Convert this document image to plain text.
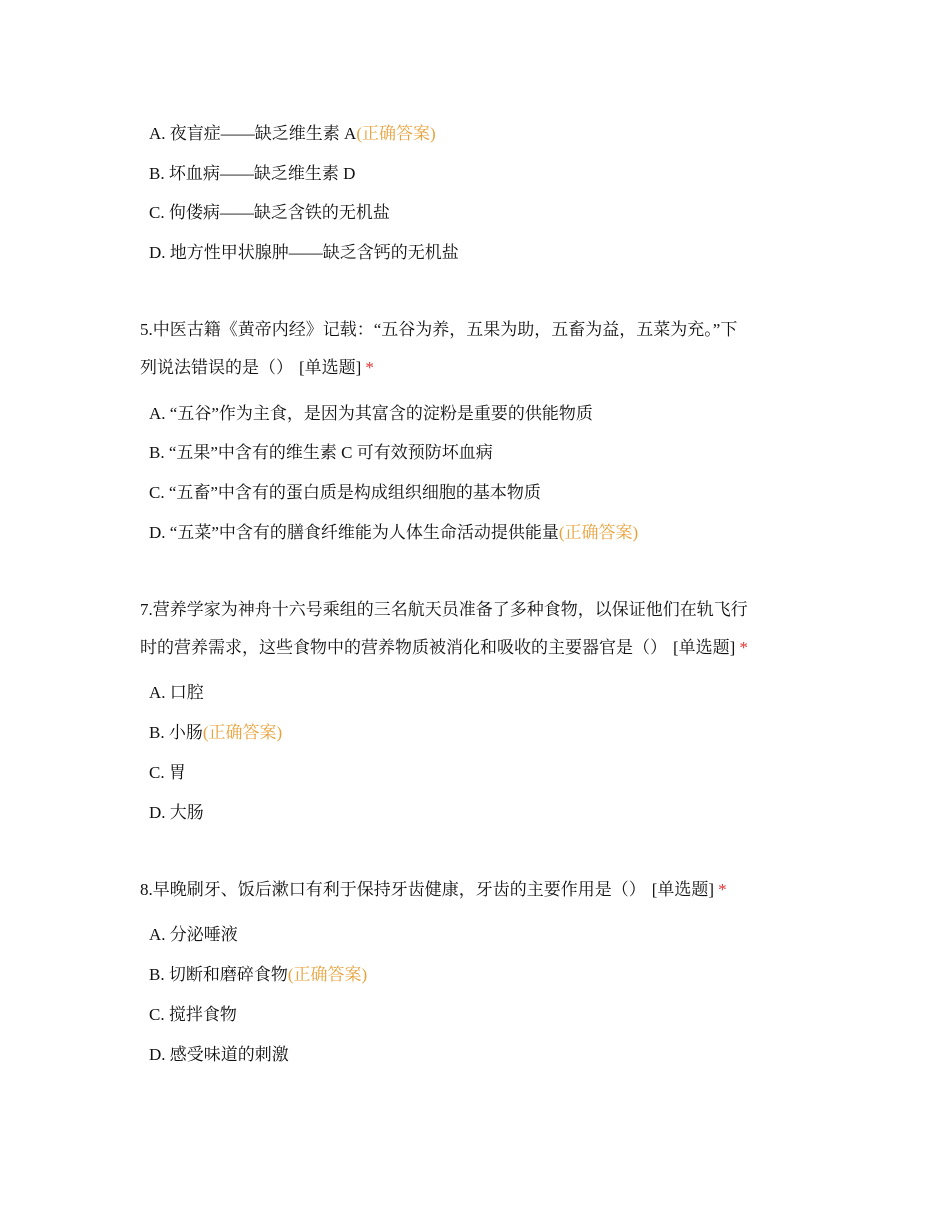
A. 夜盲症——缺乏维生素 A(正确答案)
B. 坏血病——缺乏维生素 D
C. 佝偻病——缺乏含铁的无机盐
D. 地方性甲状腺肿——缺乏含钙的无机盐
5.中医古籍《黄帝内经》记载：“五谷为养，五果为助，五畜为益，五菜为充。”下
列说法错误的是（） [单选题] *
A. “五谷”作为主食，是因为其富含的淀粉是重要的供能物质
B. “五果”中含有的维生素 C 可有效预防坏血病
C. “五畜”中含有的蛋白质是构成组织细胞的基本物质
D. “五菜”中含有的膳食纤维能为人体生命活动提供能量(正确答案)
7.营养学家为神舟十六号乘组的三名航天员准备了多种食物，以保证他们在轨飞行
时的营养需求，这些食物中的营养物质被消化和吸收的主要器官是（） [单选题] *
A. 口腔
B. 小肠(正确答案)
C. 胃
D. 大肠
8.早晚刷牙、饭后漱口有利于保持牙齿健康，牙齿的主要作用是（） [单选题] *
A. 分泌唾液
B. 切断和磨碎食物(正确答案)
C. 搅拌食物
D. 感受味道的刺激
